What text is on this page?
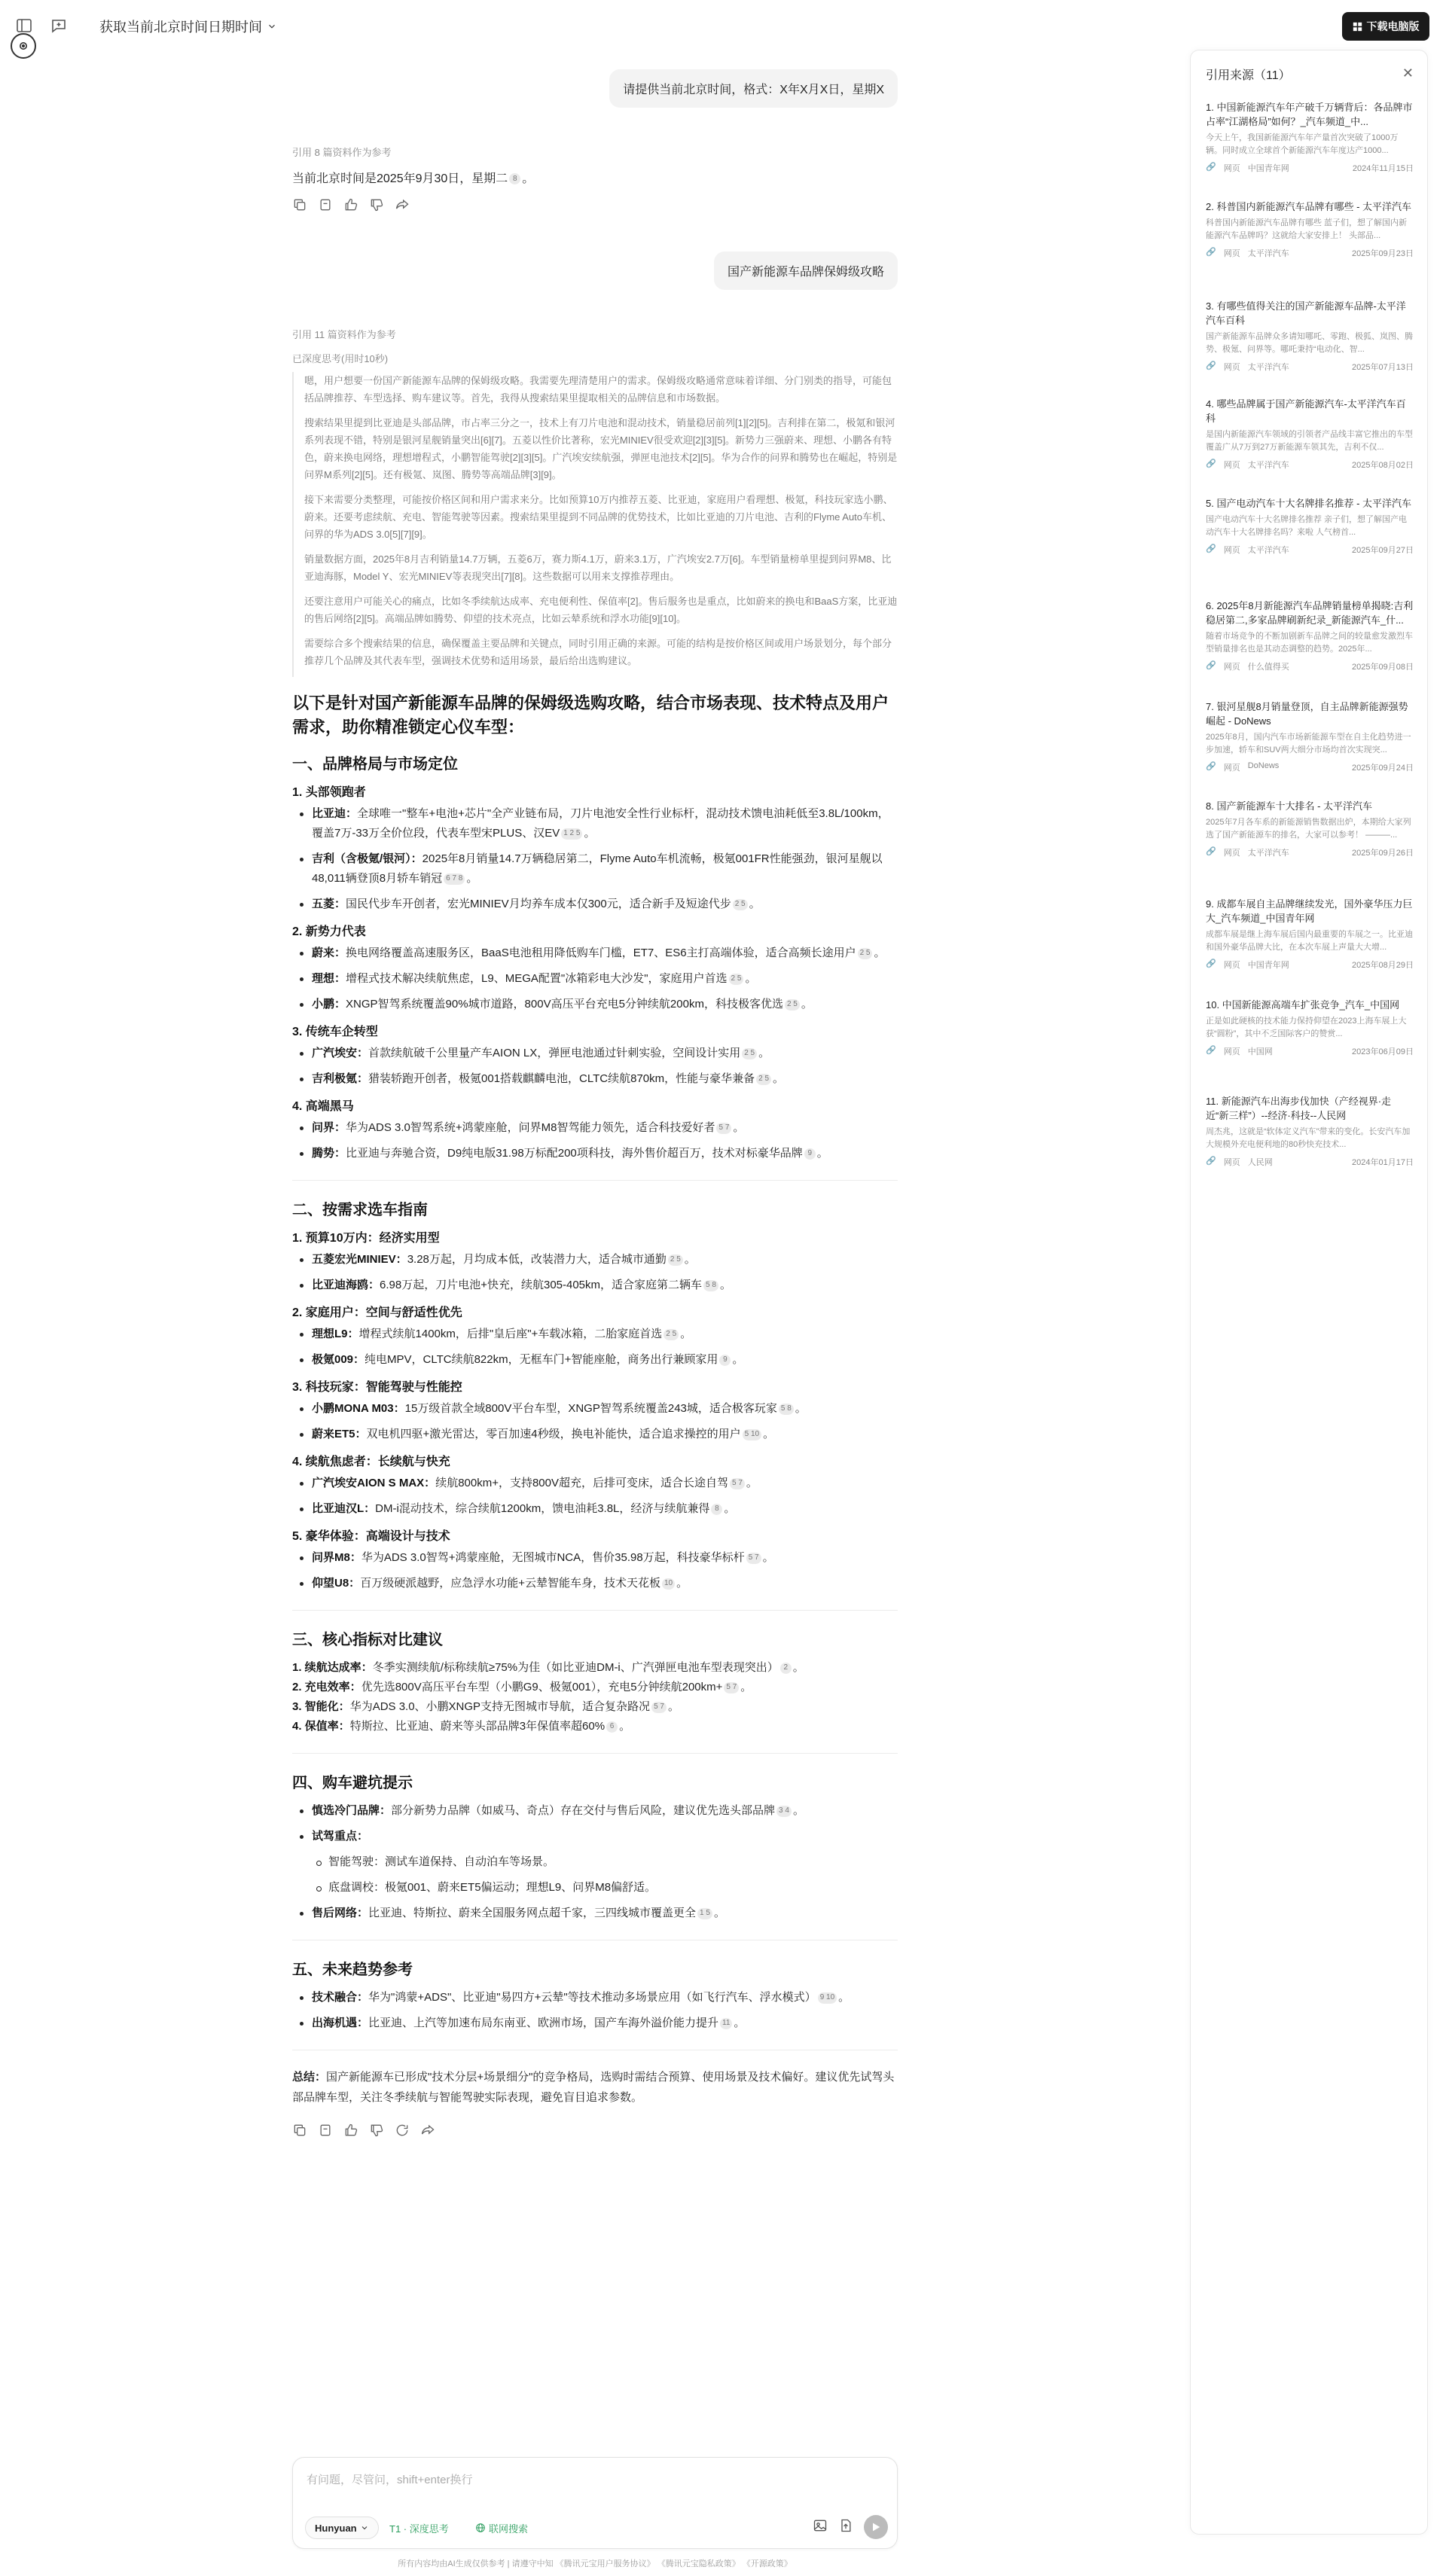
获取当前北京时间日期时间	下载电脑版
请提供当前北京时间，格式：X年X月X日，星期X
引用 8 篇资料作为参考
当前北京时间是2025年9月30日，星期二 8 。
国产新能源车品牌保姆级攻略
引用 11 篇资料作为参考
已深度思考(用时10秒)

嗯，用户想要一份国产新能源车品牌的保姆级攻略。我需要先理清楚用户的需求。保姆级攻略通常意味着详细、分门别类的指导，可能包括品牌推荐、车型选择、购车建议等。首先，我得从搜索结果里提取相关的品牌信息和市场数据。

搜索结果里提到比亚迪是头部品牌，市占率三分之一，技术上有刀片电池和混动技术，销量稳居前列[1][2][5]。吉利排在第二，极氪和银河系列表现不错，特别是银河星舰销量突出[6][7]。五菱以性价比著称，宏光MINIEV很受欢迎[2][3][5]。新势力三强蔚来、理想、小鹏各有特色，蔚来换电网络，理想增程式，小鹏智能驾驶[2][3][5]。广汽埃安续航强，弹匣电池技术[2][5]。华为合作的问界和腾势也在崛起，特别是问界M系列[2][5]。还有极氪、岚图、腾势等高端品牌[3][9]。

接下来需要分类整理，可能按价格区间和用户需求来分。比如预算10万内推荐五菱、比亚迪，家庭用户看理想、极氪，科技玩家选小鹏、蔚来。还要考虑续航、充电、智能驾驶等因素。搜索结果里提到不同品牌的优势技术，比如比亚迪的刀片电池、吉利的Flyme Auto车机、问界的华为ADS 3.0[5][7][9]。

销量数据方面，2025年8月吉利销量14.7万辆，五菱6万，赛力斯4.1万，蔚来3.1万，广汽埃安2.7万[6]。车型销量榜单里提到问界M8、比亚迪海豚，Model Y、宏光MINIEV等表现突出[7][8]。这些数据可以用来支撑推荐理由。

还要注意用户可能关心的痛点，比如冬季续航达成率、充电便利性、保值率[2]。售后服务也是重点，比如蔚来的换电和BaaS方案，比亚迪的售后网络[2][5]。高端品牌如腾势、仰望的技术亮点，比如云辇系统和浮水功能[9][10]。

需要综合多个搜索结果的信息，确保覆盖主要品牌和关键点，同时引用正确的来源。可能的结构是按价格区间或用户场景划分，每个部分推荐几个品牌及其代表车型，强调技术优势和适用场景，最后给出选购建议。

以下是针对国产新能源车品牌的保姆级选购攻略，结合市场表现、技术特点及用户需求，助你精准锁定心仪车型：
一、品牌格局与市场定位
1. 头部领跑者
比亚迪：全球唯一"整车+电池+芯片"全产业链布局，刀片电池安全性行业标杆，混动技术馈电油耗低至3.8L/100km，覆盖7万-33万全价位段，代表车型宋PLUS、汉EV 1 2 5 。
吉利（含极氪/银河）：2025年8月销量14.7万辆稳居第二，Flyme Auto车机流畅，极氪001FR性能强劲，银河星舰以48,011辆登顶8月轿车销冠 6 7 8 。
五菱：国民代步车开创者，宏光MINIEV月均养车成本仅300元，适合新手及短途代步 2 5 。
2. 新势力代表
蔚来：换电网络覆盖高速服务区，BaaS电池租用降低购车门槛，ET7、ES6主打高端体验，适合高频长途用户 2 5 。
理想：增程式技术解决续航焦虑，L9、MEGA配置"冰箱彩电大沙发"，家庭用户首选 2 5 。
小鹏：XNGP智驾系统覆盖90%城市道路，800V高压平台充电5分钟续航200km，科技极客优选 2 5 。
3. 传统车企转型
广汽埃安：首款续航破千公里量产车AION LX，弹匣电池通过针刺实验，空间设计实用 2 5 。
吉利极氪：猎装轿跑开创者，极氪001搭载麒麟电池，CLTC续航870km，性能与豪华兼备 2 5 。
4. 高端黑马
问界：华为ADS 3.0智驾系统+鸿蒙座舱，问界M8智驾能力领先，适合科技爱好者 5 7 。
腾势：比亚迪与奔驰合资，D9纯电版31.98万标配200项科技，海外售价超百万，技术对标豪华品牌 9 。
二、按需求选车指南
1. 预算10万内：经济实用型
五菱宏光MINIEV：3.28万起，月均成本低，改装潜力大，适合城市通勤 2 5 。
比亚迪海鸥：6.98万起，刀片电池+快充，续航305-405km，适合家庭第二辆车 5 8 。
2. 家庭用户：空间与舒适性优先
理想L9：增程式续航1400km，后排"皇后座"+车载冰箱，二胎家庭首选 2 5 。
极氪009：纯电MPV，CLTC续航822km，无框车门+智能座舱，商务出行兼顾家用 9 。
3. 科技玩家：智能驾驶与性能控
小鹏MONA M03：15万级首款全域800V平台车型，XNGP智驾系统覆盖243城，适合极客玩家 5 8 。
蔚来ET5：双电机四驱+激光雷达，零百加速4秒级，换电补能快，适合追求操控的用户 5 10 。
4. 续航焦虑者：长续航与快充
广汽埃安AION S MAX：续航800km+，支持800V超充，后排可变床，适合长途自驾 5 7 。
比亚迪汉L：DM-i混动技术，综合续航1200km，馈电油耗3.8L，经济与续航兼得 8 。
5. 豪华体验：高端设计与技术
问界M8：华为ADS 3.0智驾+鸿蒙座舱，无图城市NCA，售价35.98万起，科技豪华标杆 5 7 。
仰望U8：百万级硬派越野，应急浮水功能+云辇智能车身，技术天花板 10 。
三、核心指标对比建议
1. 续航达成率：冬季实测续航/标称续航≥75%为佳（如比亚迪DM-i、广汽弹匣电池车型表现突出） 2 。
2. 充电效率：优先选800V高压平台车型（小鹏G9、极氪001），充电5分钟续航200km+ 5 7 。
3. 智能化：华为ADS 3.0、小鹏XNGP支持无图城市导航，适合复杂路况 5 7 。
4. 保值率：特斯拉、比亚迪、蔚来等头部品牌3年保值率超60% 6 。
四、购车避坑提示
慎选冷门品牌：部分新势力品牌（如威马、奇点）存在交付与售后风险，建议优先选头部品牌 3 4 。
试驾重点：
智能驾驶：测试车道保持、自动泊车等场景。
底盘调校：极氪001、蔚来ET5偏运动；理想L9、问界M8偏舒适。
售后网络：比亚迪、特斯拉、蔚来全国服务网点超千家，三四线城市覆盖更全 1 5 。
五、未来趋势参考
技术融合：华为"鸿蒙+ADS"、比亚迪"易四方+云辇"等技术推动多场景应用（如飞行汽车、浮水模式） 9 10 。
出海机遇：比亚迪、上汽等加速布局东南亚、欧洲市场，国产车海外溢价能力提升 11 。
总结：国产新能源车已形成"技术分层+场景细分"的竞争格局，选购时需结合预算、使用场景及技术偏好。建议优先试驾头部品牌车型，关注冬季续航与智能驾驶实际表现，避免盲目追求参数。
有问题，尽管问，shift+enter换行
Hunyuan	T1 · 深度思考	联网搜索
所有内容均由AI生成仅供参考 | 请遵守中知 《腾讯元宝用户服务协议》 《腾讯元宝隐私政策》 《开源政策》
引用来源（11）	✕
1. 中国新能源汽车年产破千万辆背后：各品牌市占率“江湖格局”如何？_汽车频道_中...
今天上午，我国新能源汽车年产量首次突破了1000万辆。同时成立全球首个新能源汽车年度达产1000...
🔗 网页 中国青年网	2024年11月15日
2. 科普国内新能源汽车品牌有哪些 - 太平洋汽车
科普国内新能源汽车品牌有哪些 蓝子们，想了解国内新能源汽车品牌吗？这就给大家安排上！ 头部品...
🔗 网页 太平洋汽车	2025年09月23日
3. 有哪些值得关注的国产新能源车品牌-太平洋汽车百科
国产新能源车品牌众多请知哪吒、零跑、极狐、岚图、腾势、极氪、问界等。哪吒秉持“电动化、智...
🔗 网页 太平洋汽车	2025年07月13日
4. 哪些品牌属于国产新能源汽车-太平洋汽车百科
是国内新能源汽车领域的引领者产品线丰富它推出的车型覆盖广从7万到27万新能源车领其先，吉利不仅...
🔗 网页 太平洋汽车	2025年08月02日
5. 国产电动汽车十大名牌排名推荐 - 太平洋汽车
国产电动汽车十大名牌排名推荐 亲子们，想了解国产电动汽车十大名牌排名吗？来啦 人气榜首...
🔗 网页 太平洋汽车	2025年09月27日
6. 2025年8月新能源汽车品牌销量榜单揭晓:吉利稳居第二,多家品牌刷新纪录_新能源汽车_什...
随着市场竞争的不断加剧新车品牌之间的较量愈发激烈车型销量排名也是其动态调整的趋势。2025年...
🔗 网页 什么值得买	2025年09月08日
7. 银河星舰8月销量登顶，自主品牌新能源强势崛起 - DoNews
2025年8月，国内汽车市场新能源车型在自主化趋势进一步加速，轿车和SUV两大细分市场均首次实现突...
🔗 网页 DoNews	2025年09月24日
8. 国产新能源车十大排名 - 太平洋汽车
2025年7月各车系的新能源销售数据出炉，本期给大家列选了国产新能源车的排名，大家可以参考！ ———...
🔗 网页 太平洋汽车	2025年09月26日
9. 成都车展自主品牌继续发光，国外豪华压力巨大_汽车频道_中国青年网
成都车展是继上海车展后国内最重要的车展之一。比亚迪和国外豪华品牌大比，在本次车展上声量大大增...
🔗 网页 中国青年网	2025年08月29日
10. 中国新能源高端车扩张竞争_汽车_中国网
正是如此硬核的技术能力保持仰望在2023上海车展上大获“圆粉”，其中不乏国际客户的赞赏...
🔗 网页 中国网	2023年06月09日
11. 新能源汽车出海步伐加快（产经视界·走近“新三样”）--经济·科技--人民网
周杰兆，这就是“软体定义汽车”带来的变化。长安汽车加大规模外充电便利地的80秒快充技术...
🔗 网页 人民网	2024年01月17日
